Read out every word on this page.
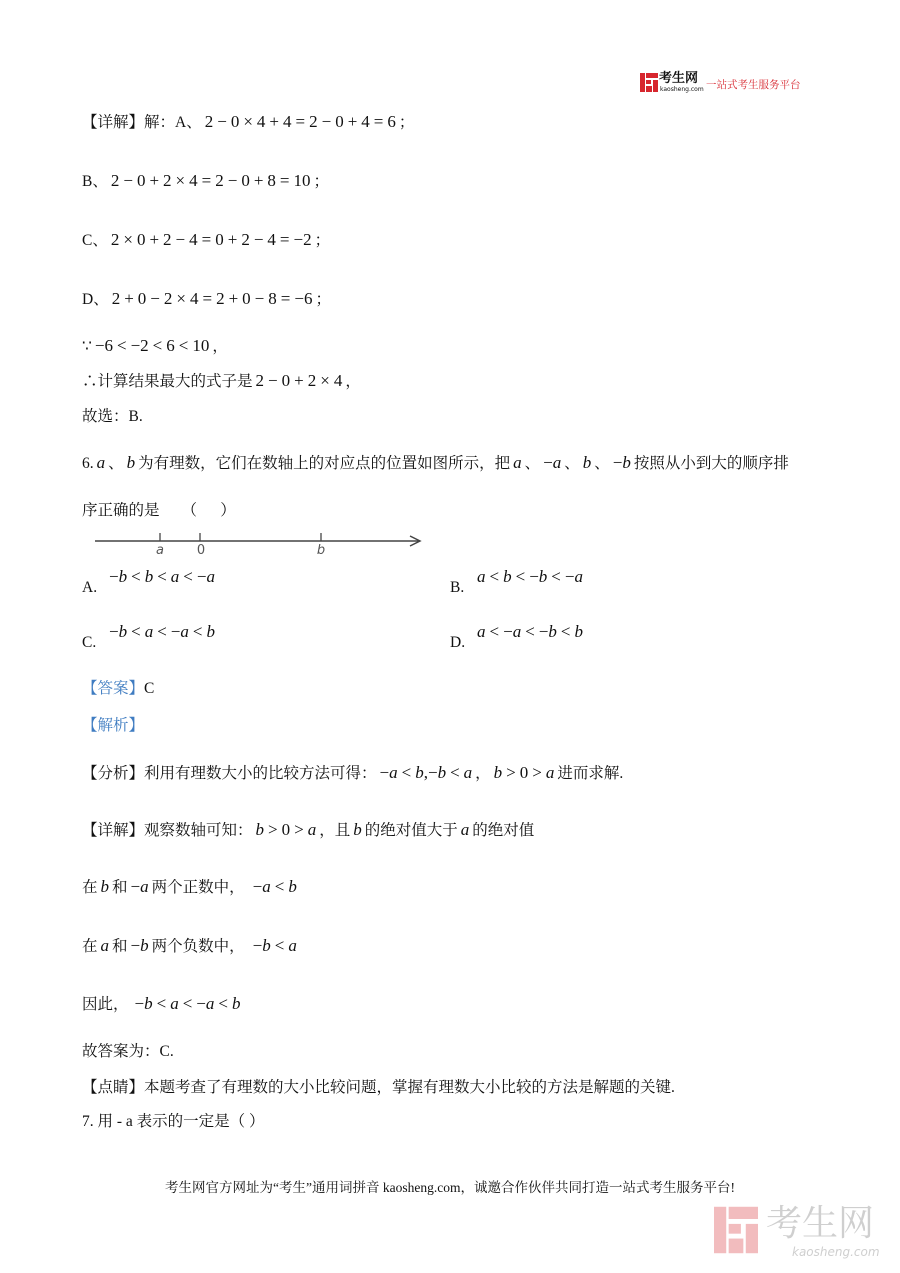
考生网
kaosheng.com 一站式考生服务平台
【详解】解：A、 2 − 0 × 4 + 4 = 2 − 0 + 4 = 6 ；
B、 2 − 0 + 2 × 4 = 2 − 0 + 8 = 10 ；
C、 2 × 0 + 2 − 4 = 0 + 2 − 4 = −2 ；
D、 2 + 0 − 2 × 4 = 2 + 0 − 8 = −6 ；
∵ −6 < −2 < 6 < 10 ，
∴计算结果最大的式子是 2 − 0 + 2 × 4 ，
故选：B.
6. a 、 b 为有理数，它们在数轴上的对应点的位置如图所示，把 a 、 −a 、 b 、 −b 按照从小到大的顺序排
序正确的是 （      ）
a	0	b
A.
−b < b < a < −a
B.
a < b < −b < −a
C.
−b < a < −a < b
D.
a < −a < −b < b
【答案】C
【解析】
【分析】利用有理数大小的比较方法可得： −a < b,−b < a ， b > 0 > a 进而求解.
【详解】观察数轴可知： b > 0 > a ，且 b 的绝对值大于 a 的绝对值
在 b 和 −a 两个正数中， −a < b
在 a 和 −b 两个负数中， −b < a
因此， −b < a < −a < b
故答案为：C.
【点睛】本题考查了有理数的大小比较问题，掌握有理数大小比较的方法是解题的关键.
7. 用 - a 表示的一定是（ ）
考生网官方网址为“考生”通用词拼音 kaosheng.com，诚邀合作伙伴共同打造一站式考生服务平台!
考生网
kaosheng.com
